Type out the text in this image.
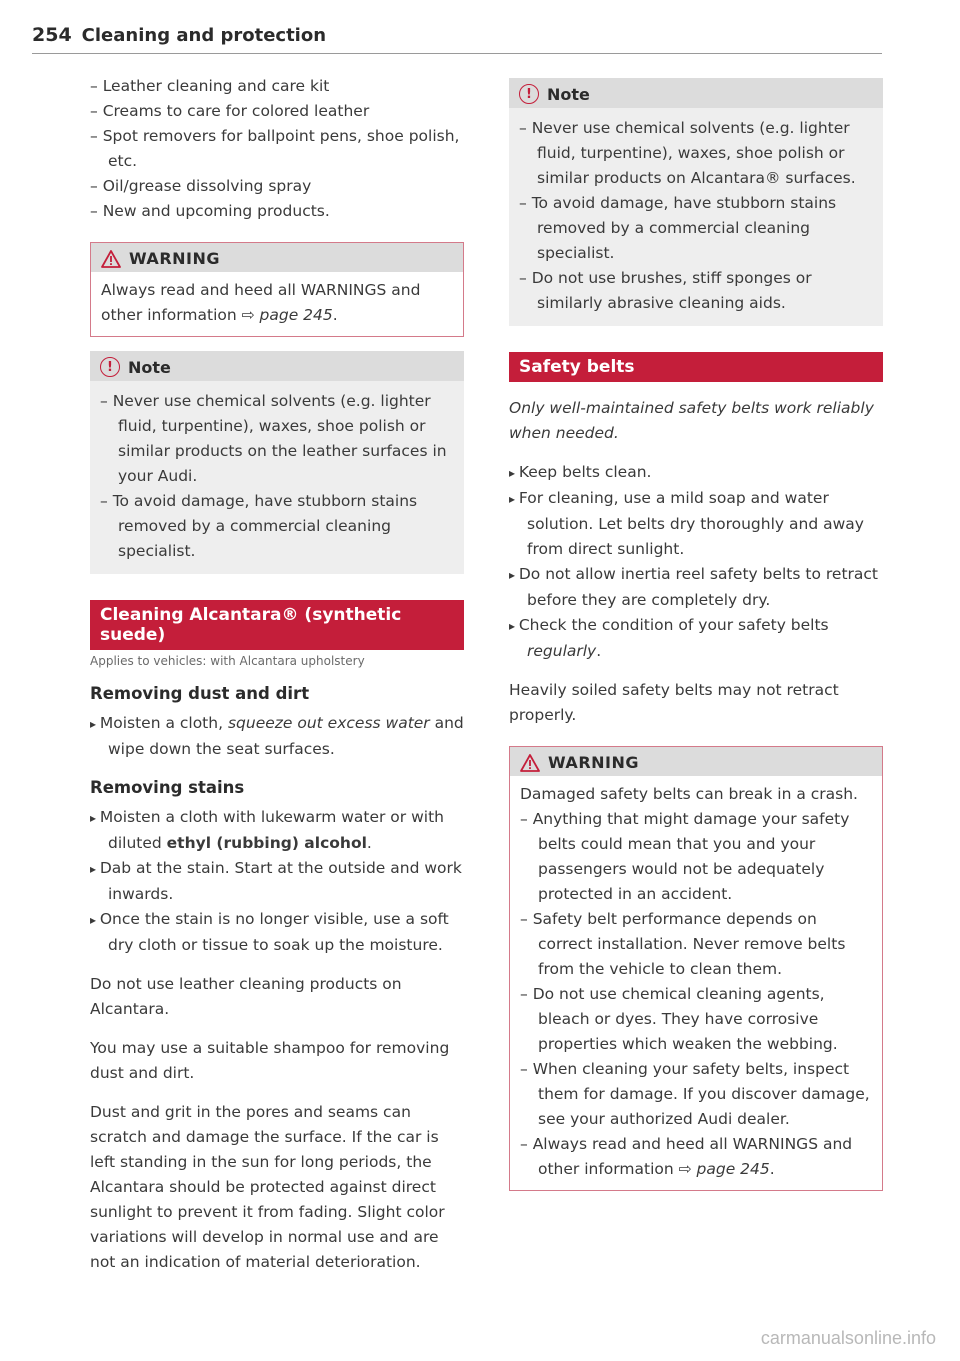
254 Cleaning and protection
– Leather cleaning and care kit
– Creams to care for colored leather
– Spot removers for ballpoint pens, shoe polish, etc.
– Oil/grease dissolving spray
– New and upcoming products.
WARNING

Always read and heed all WARNINGS and other information ⇨ page 245.

! Note
– Never use chemical solvents (e.g. lighter fluid, turpentine), waxes, shoe polish or similar products on the leather surfaces in your Audi.
– To avoid damage, have stubborn stains removed by a commercial cleaning specialist.
Cleaning Alcantara® (synthetic suede)
Applies to vehicles: with Alcantara upholstery
Removing dust and dirt
▸ Moisten a cloth, squeeze out excess water and wipe down the seat surfaces.
Removing stains
▸ Moisten a cloth with lukewarm water or with diluted ethyl (rubbing) alcohol.
▸ Dab at the stain. Start at the outside and work inwards.
▸ Once the stain is no longer visible, use a soft dry cloth or tissue to soak up the moisture.

Do not use leather cleaning products on Alcantara.

You may use a suitable shampoo for removing dust and dirt.

Dust and grit in the pores and seams can scratch and damage the surface. If the car is left standing in the sun for long periods, the Alcantara should be protected against direct sunlight to prevent it from fading. Slight color variations will develop in normal use and are not an indication of material deterioration.

! Note
– Never use chemical solvents (e.g. lighter fluid, turpentine), waxes, shoe polish or similar products on Alcantara® surfaces.
– To avoid damage, have stubborn stains removed by a commercial cleaning specialist.
– Do not use brushes, stiff sponges or similarly abrasive cleaning aids.
Safety belts

Only well-maintained safety belts work reliably when needed.

▸ Keep belts clean.
▸ For cleaning, use a mild soap and water solution. Let belts dry thoroughly and away from direct sunlight.
▸ Do not allow inertia reel safety belts to retract before they are completely dry.
▸ Check the condition of your safety belts regularly.

Heavily soiled safety belts may not retract properly.

WARNING

Damaged safety belts can break in a crash.

– Anything that might damage your safety belts could mean that you and your passengers would not be adequately protected in an accident.
– Safety belt performance depends on correct installation. Never remove belts from the vehicle to clean them.
– Do not use chemical cleaning agents, bleach or dyes. They have corrosive properties which weaken the webbing.
– When cleaning your safety belts, inspect them for damage. If you discover damage, see your authorized Audi dealer.
– Always read and heed all WARNINGS and other information ⇨ page 245.
carmanualsonline.info
